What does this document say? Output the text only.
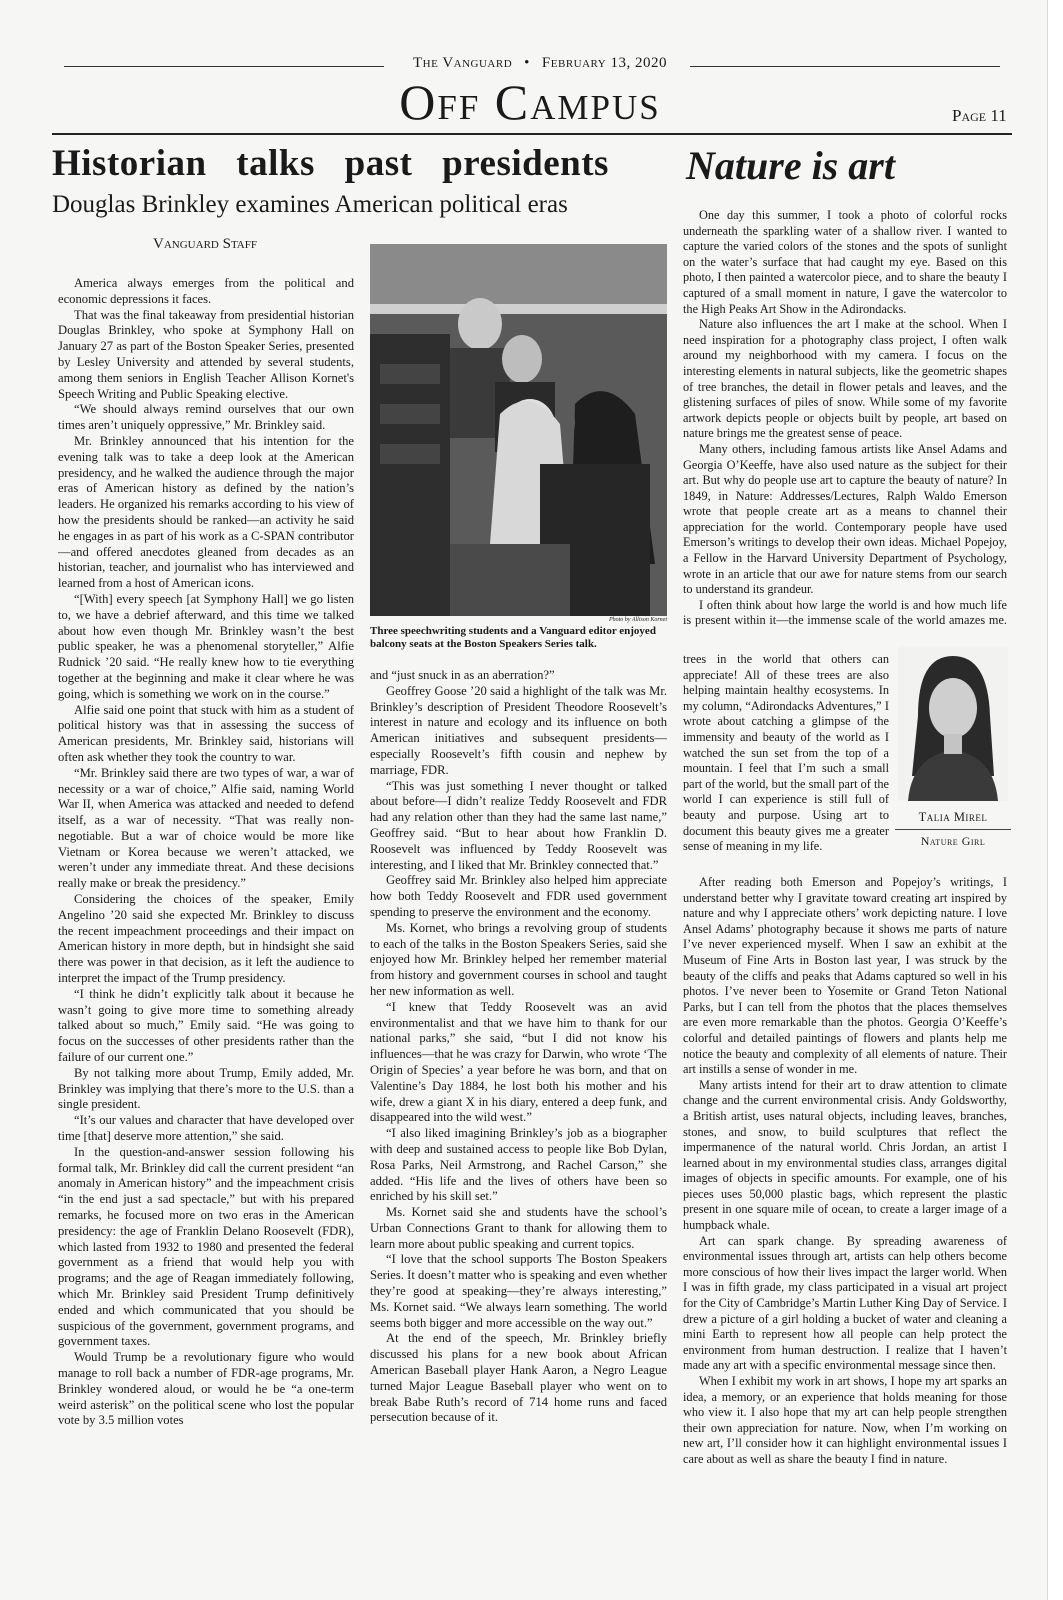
The Vanguard • February 13, 2020
Off Campus	Page 11
Historian talks past presidents
Douglas Brinkley examines American political eras
Nature is art
Vanguard Staff

America always emerges from the political and economic depressions it faces.

That was the final takeaway from presidential historian Douglas Brinkley, who spoke at Symphony Hall on January 27 as part of the Boston Speaker Series, presented by Lesley University and attended by several students, among them seniors in English Teacher Allison Kornet's Speech Writing and Public Speaking elective.

“We should always remind ourselves that our own times aren’t uniquely oppressive,” Mr. Brinkley said.

Mr. Brinkley announced that his intention for the evening talk was to take a deep look at the American presidency, and he walked the audience through the major eras of American history as defined by the nation’s leaders. He organized his remarks according to his view of how the presidents should be ranked—an activity he said he engages in as part of his work as a C-SPAN contributor—and offered anecdotes gleaned from decades as an historian, teacher, and journalist who has interviewed and learned from a host of American icons.

“[With] every speech [at Symphony Hall] we go listen to, we have a debrief afterward, and this time we talked about how even though Mr. Brinkley wasn’t the best public speaker, he was a phenomenal storyteller,” Alfie Rudnick ’20 said. “He really knew how to tie everything together at the beginning and make it clear where he was going, which is something we work on in the course.”

Alfie said one point that stuck with him as a student of political history was that in assessing the success of American presidents, Mr. Brinkley said, historians will often ask whether they took the country to war.

“Mr. Brinkley said there are two types of war, a war of necessity or a war of choice,” Alfie said, naming World War II, when America was attacked and needed to defend itself, as a war of necessity. “That was really non-negotiable. But a war of choice would be more like Vietnam or Korea because we weren’t attacked, we weren’t under any immediate threat. And these decisions really make or break the presidency.”

Considering the choices of the speaker, Emily Angelino ’20 said she expected Mr. Brinkley to discuss the recent impeachment proceedings and their impact on American history in more depth, but in hindsight she said there was power in that decision, as it left the audience to interpret the impact of the Trump presidency.

“I think he didn’t explicitly talk about it because he wasn’t going to give more time to something already talked about so much,” Emily said. “He was going to focus on the successes of other presidents rather than the failure of our current one.”

By not talking more about Trump, Emily added, Mr. Brinkley was implying that there’s more to the U.S. than a single president.

“It’s our values and character that have developed over time [that] deserve more attention,” she said.

In the question-and-answer session following his formal talk, Mr. Brinkley did call the current president “an anomaly in American history” and the impeachment crisis “in the end just a sad spectacle,” but with his prepared remarks, he focused more on two eras in the American presidency: the age of Franklin Delano Roosevelt (FDR), which lasted from 1932 to 1980 and presented the federal government as a friend that would help you with programs; and the age of Reagan immediately following, which Mr. Brinkley said President Trump definitively ended and which communicated that you should be suspicious of the government, government programs, and government taxes.

Would Trump be a revolutionary figure who would manage to roll back a number of FDR-age programs, Mr. Brinkley wondered aloud, or would he be “a one-term weird asterisk” on the political scene who lost the popular vote by 3.5 million votes

Photo by Allison Kornet
Three speechwriting students and a Vanguard editor enjoyed balcony seats at the Boston Speakers Series talk.

and “just snuck in as an aberration?”

Geoffrey Goose ’20 said a highlight of the talk was Mr. Brinkley’s description of President Theodore Roosevelt’s interest in nature and ecology and its influence on both American initiatives and subsequent presidents—especially Roosevelt’s fifth cousin and nephew by marriage, FDR.

“This was just something I never thought or talked about before—I didn’t realize Teddy Roosevelt and FDR had any relation other than they had the same last name,” Geoffrey said. “But to hear about how Franklin D. Roosevelt was influenced by Teddy Roosevelt was interesting, and I liked that Mr. Brinkley connected that.”

Geoffrey said Mr. Brinkley also helped him appreciate how both Teddy Roosevelt and FDR used government spending to preserve the environment and the economy.

Ms. Kornet, who brings a revolving group of students to each of the talks in the Boston Speakers Series, said she enjoyed how Mr. Brinkley helped her remember material from history and government courses in school and taught her new information as well.

“I knew that Teddy Roosevelt was an avid environmentalist and that we have him to thank for our national parks,” she said, “but I did not know his influences—that he was crazy for Darwin, who wrote ‘The Origin of Species’ a year before he was born, and that on Valentine’s Day 1884, he lost both his mother and his wife, drew a giant X in his diary, entered a deep funk, and disappeared into the wild west.”

“I also liked imagining Brinkley’s job as a biographer with deep and sustained access to people like Bob Dylan, Rosa Parks, Neil Armstrong, and Rachel Carson,” she added. “His life and the lives of others have been so enriched by his skill set.”

Ms. Kornet said she and students have the school’s Urban Connections Grant to thank for allowing them to learn more about public speaking and current topics.

“I love that the school supports The Boston Speakers Series. It doesn’t matter who is speaking and even whether they’re good at speaking—they’re always interesting,” Ms. Kornet said. “We always learn something. The world seems both bigger and more accessible on the way out.”

At the end of the speech, Mr. Brinkley briefly discussed his plans for a new book about African American Baseball player Hank Aaron, a Negro League turned Major League Baseball player who went on to break Babe Ruth’s record of 714 home runs and faced persecution because of it.

One day this summer, I took a photo of colorful rocks underneath the sparkling water of a shallow river. I wanted to capture the varied colors of the stones and the spots of sunlight on the water’s surface that had caught my eye. Based on this photo, I then painted a watercolor piece, and to share the beauty I captured of a small moment in nature, I gave the watercolor to the High Peaks Art Show in the Adirondacks.

Nature also influences the art I make at the school. When I need inspiration for a photography class project, I often walk around my neighborhood with my camera. I focus on the interesting elements in natural subjects, like the geometric shapes of tree branches, the detail in flower petals and leaves, and the glistening surfaces of piles of snow. While some of my favorite artwork depicts people or objects built by people, art based on nature brings me the greatest sense of peace.

Many others, including famous artists like Ansel Adams and Georgia O’Keeffe, have also used nature as the subject for their art. But why do people use art to capture the beauty of nature? In 1849, in Nature: Addresses/Lectures, Ralph Waldo Emerson wrote that people create art as a means to channel their appreciation for the world. Contemporary people have used Emerson’s writings to develop their own ideas. Michael Popejoy, a Fellow in the Harvard University Department of Psychology, wrote in an article that our awe for nature stems from our search to understand its grandeur.

I often think about how large the world is and how much life is present within it—the immense scale of the world amazes me.

trees in the world that others can appreciate! All of these trees are also helping maintain healthy ecosystems. In my column, “Adirondacks Adventures,” I wrote about catching a glimpse of the immensity and beauty of the world as I watched the sun set from the top of a mountain. I feel that I’m such a small part of the world, but the small part of the world I can experience is still full of beauty and purpose. Using art to document this beauty gives me a greater sense of meaning in my life.

Talia Mirel
Nature Girl

After reading both Emerson and Popejoy’s writings, I understand better why I gravitate toward creating art inspired by nature and why I appreciate others’ work depicting nature. I love Ansel Adams’ photography because it shows me parts of nature I’ve never experienced myself. When I saw an exhibit at the Museum of Fine Arts in Boston last year, I was struck by the beauty of the cliffs and peaks that Adams captured so well in his photos. I’ve never been to Yosemite or Grand Teton National Parks, but I can tell from the photos that the places themselves are even more remarkable than the photos. Georgia O’Keeffe’s colorful and detailed paintings of flowers and plants help me notice the beauty and complexity of all elements of nature. Their art instills a sense of wonder in me.

Many artists intend for their art to draw attention to climate change and the current environmental crisis. Andy Goldsworthy, a British artist, uses natural objects, including leaves, branches, stones, and snow, to build sculptures that reflect the impermanence of the natural world. Chris Jordan, an artist I learned about in my environmental studies class, arranges digital images of objects in specific amounts. For example, one of his pieces uses 50,000 plastic bags, which represent the plastic present in one square mile of ocean, to create a larger image of a humpback whale.

Art can spark change. By spreading awareness of environmental issues through art, artists can help others become more conscious of how their lives impact the larger world. When I was in fifth grade, my class participated in a visual art project for the City of Cambridge’s Martin Luther King Day of Service. I drew a picture of a girl holding a bucket of water and cleaning a mini Earth to represent how all people can help protect the environment from human destruction. I realize that I haven’t made any art with a specific environmental message since then.

When I exhibit my work in art shows, I hope my art sparks an idea, a memory, or an experience that holds meaning for those who view it. I also hope that my art can help people strengthen their own appreciation for nature. Now, when I’m working on new art, I’ll consider how it can highlight environmental issues I care about as well as share the beauty I find in nature.
